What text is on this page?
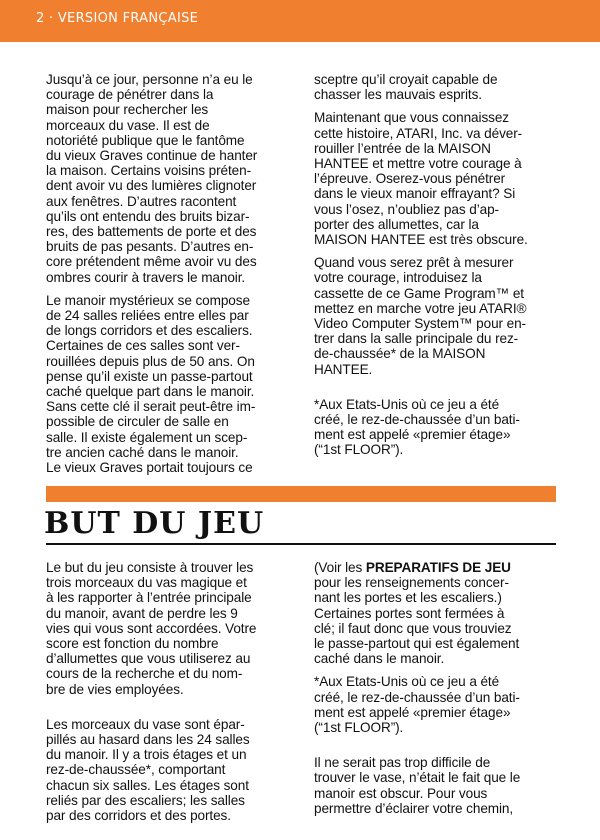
2 · VERSION FRANÇAISE

Jusqu’à ce jour, personne n’a eu le
courage de pénétrer dans la
maison pour rechercher les
morceaux du vase. Il est de
notoriété publique que le fantôme
du vieux Graves continue de hanter
la maison. Certains voisins préten-
dent avoir vu des lumières clignoter
aux fenêtres. D’autres racontent
qu’ils ont entendu des bruits bizar-
res, des battements de porte et des
bruits de pas pesants. D’autres en-
core prétendent même avoir vu des
ombres courir à travers le manoir.

Le manoir mystérieux se compose
de 24 salles reliées entre elles par
de longs corridors et des escaliers.
Certaines de ces salles sont ver-
rouillées depuis plus de 50 ans. On
pense qu’il existe un passe-partout
caché quelque part dans le manoir.
Sans cette clé il serait peut-être im-
possible de circuler de salle en
salle. Il existe également un scep-
tre ancien caché dans le manoir.
Le vieux Graves portait toujours ce

sceptre qu’il croyait capable de
chasser les mauvais esprits.

Maintenant que vous connaissez
cette histoire, ATARI, Inc. va déver-
rouiller l’entrée de la MAISON
HANTEE et mettre votre courage à
l’épreuve. Oserez-vous pénétrer
dans le vieux manoir effrayant? Si
vous l’osez, n’oubliez pas d’ap-
porter des allumettes, car la
MAISON HANTEE est très obscure.

Quand vous serez prêt à mesurer
votre courage, introduisez la
cassette de ce Game Program™ et
mettez en marche votre jeu ATARI®
Video Computer System™ pour en-
trer dans la salle principale du rez-
de-chaussée* de la MAISON
HANTEE.

*Aux Etats-Unis où ce jeu a été
créé, le rez-de-chaussée d’un bati-
ment est appelé «premier étage»
(“1st FLOOR”).

BUT DU JEU

Le but du jeu consiste à trouver les
trois morceaux du vas magique et
à les rapporter à l’entrée principale
du manoir, avant de perdre les 9
vies qui vous sont accordées. Votre
score est fonction du nombre
d’allumettes que vous utiliserez au
cours de la recherche et du nom-
bre de vies employées.

Les morceaux du vase sont épar-
pillés au hasard dans les 24 salles
du manoir. Il y a trois étages et un
rez-de-chaussée*, comportant
chacun six salles. Les étages sont
reliés par des escaliers; les salles
par des corridors et des portes.

(Voir les PREPARATIFS DE JEU
pour les renseignements concer-
nant les portes et les escaliers.)
Certaines portes sont fermées à
clé; il faut donc que vous trouviez
le passe-partout qui est également
caché dans le manoir.

*Aux Etats-Unis où ce jeu a été
créé, le rez-de-chaussée d’un bati-
ment est appelé «premier étage»
(“1st FLOOR”).

Il ne serait pas trop difficile de
trouver le vase, n’était le fait que le
manoir est obscur. Pour vous
permettre d’éclairer votre chemin,
